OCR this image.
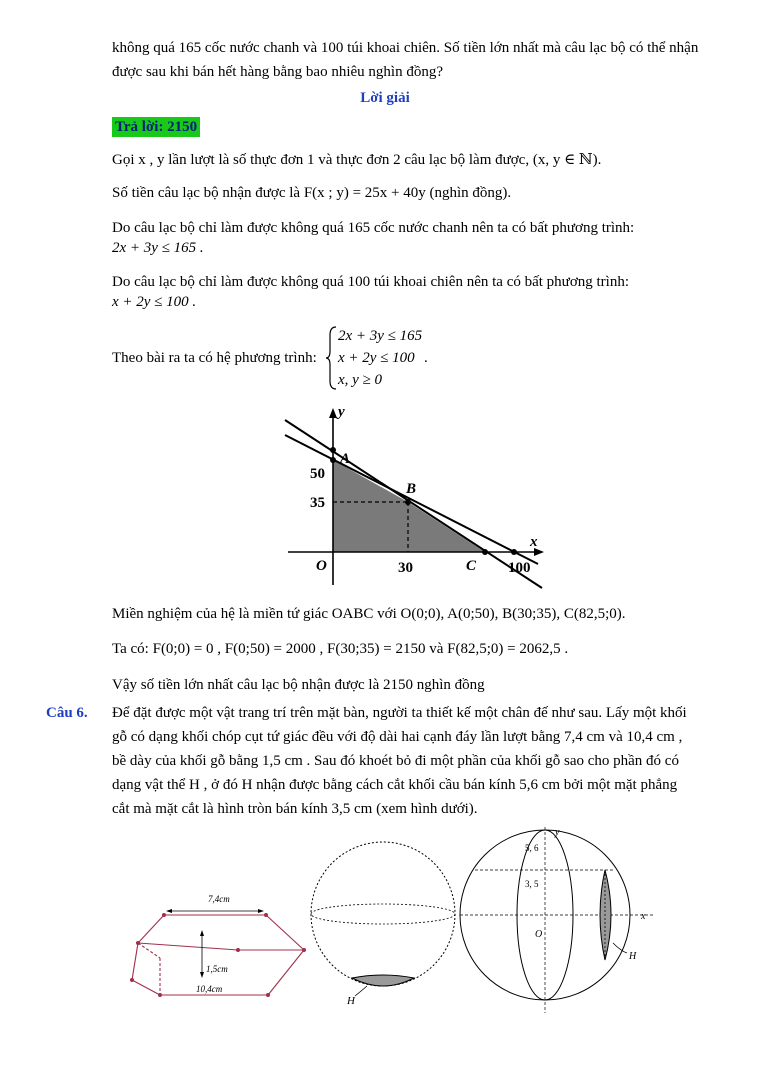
không quá 165 cốc nước chanh và 100 túi khoai chiên. Số tiền lớn nhất mà câu lạc bộ có thể nhận
được sau khi bán hết hàng bằng bao nhiêu nghìn đồng?
Lời giải
Trả lời: 2150
Gọi x , y lần lượt là số thực đơn 1 và thực đơn 2 câu lạc bộ làm được, (x, y ∈ ℕ).
Số tiền câu lạc bộ nhận được là F(x ; y) = 25x + 40y (nghìn đồng).
Do câu lạc bộ chỉ làm được không quá 165 cốc nước chanh nên ta có bất phương trình:
2x + 3y ≤ 165 .
Do câu lạc bộ chỉ làm được không quá 100 túi khoai chiên nên ta có bất phương trình:
x + 2y ≤ 100 .
Theo bài ra ta có hệ phương trình:
2x + 3y ≤ 165
x + 2y ≤ 100
x, y ≥ 0
.
y
x
A
B
C
O
50
35
30	100
Miền nghiệm của hệ là miền tứ giác OABC với O(0;0), A(0;50), B(30;35), C(82,5;0).
Ta có: F(0;0) = 0 , F(0;50) = 2000 , F(30;35) = 2150 và F(82,5;0) = 2062,5 .
Vậy số tiền lớn nhất câu lạc bộ nhận được là 2150 nghìn đồng
Câu 6. Để đặt được một vật trang trí trên mặt bàn, người ta thiết kế một chân đế như sau. Lấy một khối
gỗ có dạng khối chóp cụt tứ giác đều với độ dài hai cạnh đáy lần lượt bằng 7,4 cm và 10,4 cm ,
bề dày của khối gỗ bằng 1,5 cm . Sau đó khoét bỏ đi một phần của khối gỗ sao cho phần đó có
dạng vật thể H , ở đó H nhận được bằng cách cắt khối cầu bán kính 5,6 cm bởi một mặt phẳng
cắt mà mặt cắt là hình tròn bán kính 3,5 cm (xem hình dưới).
7,4cm
1,5cm
10,4cm
H
y
x
O
5, 6
3, 5
H
